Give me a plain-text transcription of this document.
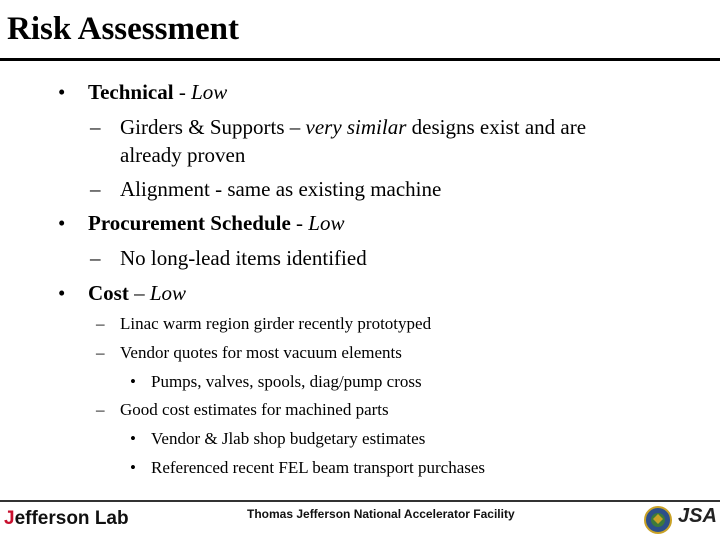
Risk Assessment
• Technical - Low
– Girders & Supports – very similar designs exist and are
already proven
– Alignment - same as existing machine
• Procurement Schedule - Low
– No long-lead items identified
• Cost – Low
– Linac warm region girder recently prototyped
– Vendor quotes for most vacuum elements
• Pumps, valves, spools, diag/pump cross
– Good cost estimates for machined parts
• Vendor & Jlab shop budgetary estimates
• Referenced recent FEL beam transport purchases
Jefferson Lab	Thomas Jefferson National Accelerator Facility	JSA
